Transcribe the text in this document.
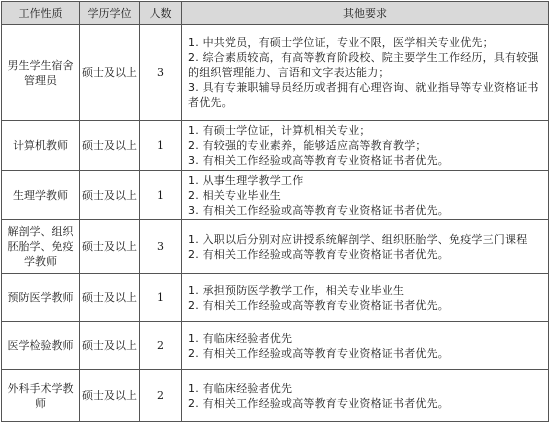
工作性质	学历学位	人数	其他要求
男生学生宿舍管理员	硕士及以上	3	1. 中共党员，有硕士学位证，专业不限，医学相关专业优先；
2. 综合素质较高，有高等教育阶段校、院主要学生工作经历，具有较强的组织管理能力、言语和文字表达能力；
3. 具有专兼职辅导员经历或者拥有心理咨询、就业指导等专业资格证书者优先。

计算机教师	硕士及以上	1	1. 有硕士学位证，计算机相关专业；
2. 有较强的专业素养，能够适应高等教育教学；
3. 有相关工作经验或高等教育专业资格证书者优先。

生理学教师	硕士及以上	1	1. 从事生理学教学工作
2. 相关专业毕业生
3. 有相关工作经验或高等教育专业资格证书者优先。

解剖学、组织胚胎学、免疫学教师	硕士及以上	3	1. 入职以后分别对应讲授系统解剖学、组织胚胎学、免疫学三门课程
2. 有相关工作经验或高等教育专业资格证书者优先。

预防医学教师	硕士及以上	1	1. 承担预防医学教学工作，相关专业毕业生
2. 有相关工作经验或高等教育专业资格证书者优先。

医学检验教师	硕士及以上	2	1. 有临床经验者优先
2. 有相关工作经验或高等教育专业资格证书者优先。

外科手术学教师	硕士及以上	2	1. 有临床经验者优先
2. 有相关工作经验或高等教育专业资格证书者优先。
